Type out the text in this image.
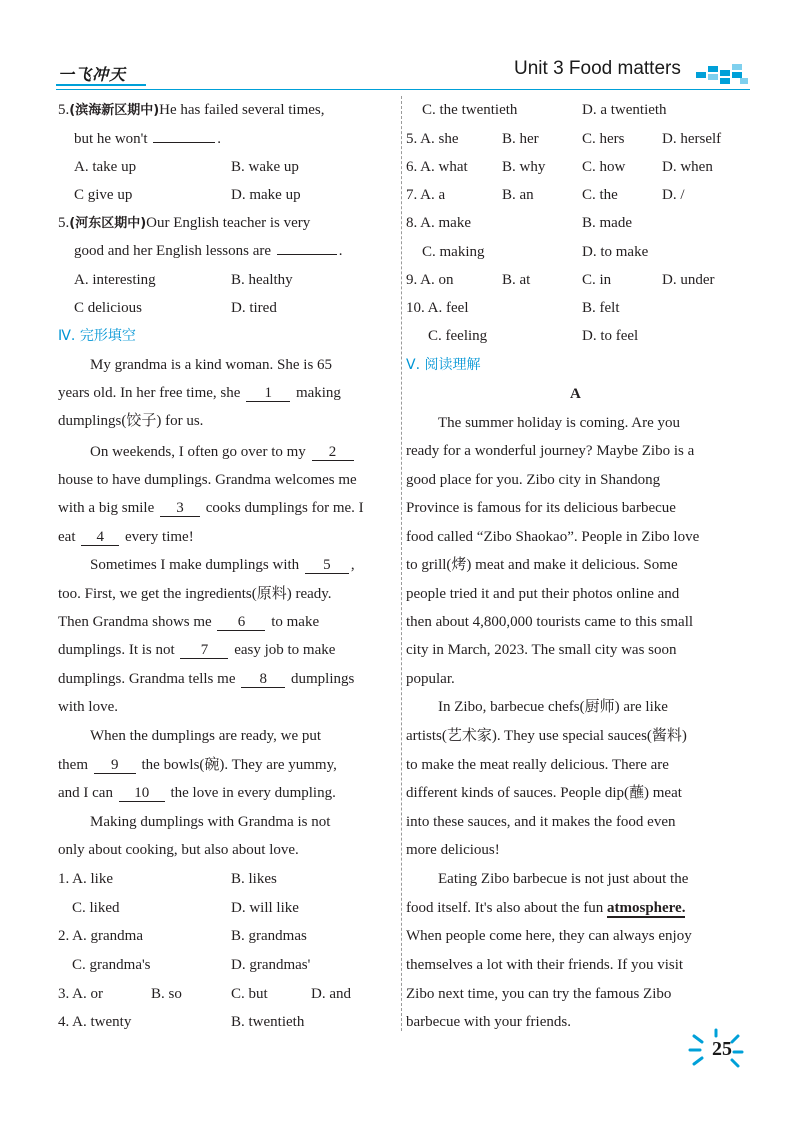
一飞冲天	Unit 3 Food matters
5.(滨海新区期中)He has failed several times,
but he won't	.
A. take up	B. wake up
C give up	D. make up
5.(河东区期中)Our English teacher is very
good and her English lessons are	.
A. interesting	B. healthy
C delicious	D. tired
Ⅳ. 完形填空
My grandma is a kind woman. She is 65
years old. In her free time, she 1 making
dumplings(饺子) for us.
On weekends, I often go over to my 2
house to have dumplings. Grandma welcomes me
with a big smile 3 cooks dumplings for me. I
eat 4 every time!
Sometimes I make dumplings with 5 ,
too. First, we get the ingredients(原料) ready.
Then Grandma shows me 6 to make
dumplings. It is not 7 easy job to make
dumplings. Grandma tells me 8 dumplings
with love.
When the dumplings are ready, we put
them 9 the bowls(碗). They are yummy,
and I can 10 the love in every dumpling.
Making dumplings with Grandma is not
only about cooking, but also about love.
1. A. like	B. likes
C. liked	D. will like
2. A. grandma	B. grandmas
C. grandma's	D. grandmas'
3. A. or	B. so	C. but	D. and
4. A. twenty	B. twentieth
C. the twentieth	D. a twentieth
5. A. she	B. her	C. hers	D. herself
6. A. what B. why C. how D. when
7. A. a	B. an	C. the	D. /
8. A. make	B. made
C. making	D. to make
9. A. on	B. at	C. in	D. under
10. A. feel	B. felt
C. feeling	D. to feel
Ⅴ. 阅读理解
A
The summer holiday is coming. Are you
ready for a wonderful journey? Maybe Zibo is a
good place for you. Zibo city in Shandong
Province is famous for its delicious barbecue
food called “Zibo Shaokao”. People in Zibo love
to grill(烤) meat and make it delicious. Some
people tried it and put their photos online and
then about 4,800,000 tourists came to this small
city in March, 2023. The small city was soon
popular.
In Zibo, barbecue chefs(厨师) are like
artists(艺术家). They use special sauces(酱料)
to make the meat really delicious. There are
different kinds of sauces. People dip(蘸) meat
into these sauces, and it makes the food even
more delicious!
Eating Zibo barbecue is not just about the
food itself. It's also about the fun atmosphere.
When people come here, they can always enjoy
themselves a lot with their friends. If you visit
Zibo next time, you can try the famous Zibo
barbecue with your friends.
25
